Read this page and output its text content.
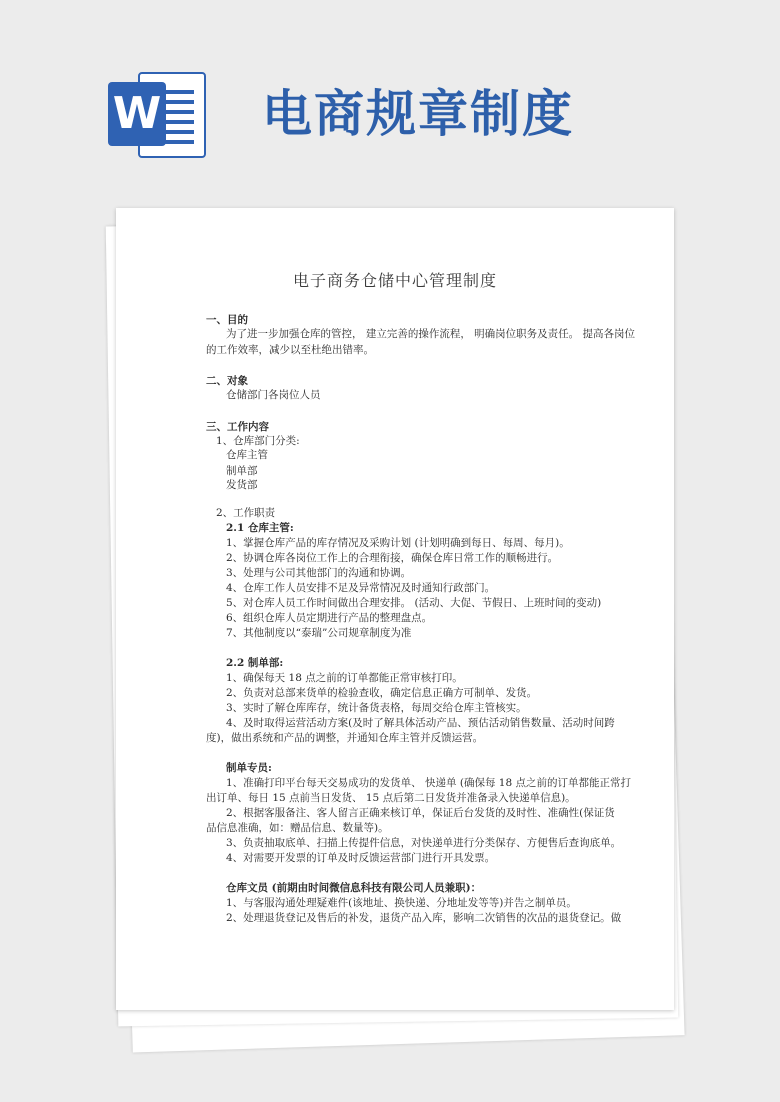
W 电商规章制度
电子商务仓储中心管理制度
一、目的
为了进一步加强仓库的管控， 建立完善的操作流程， 明确岗位职务及责任。 提高各岗位
的工作效率，减少以至杜绝出错率。
二、对象
仓储部门各岗位人员
三、工作内容
1、仓库部门分类:
仓库主管
制单部
发货部
2、工作职责
2.1 仓库主管:
1、掌握仓库产品的库存情况及采购计划 (计划明确到每日、每周、每月)。
2、协调仓库各岗位工作上的合理衔接，确保仓库日常工作的顺畅进行。
3、处理与公司其他部门的沟通和协调。
4、仓库工作人员安排不足及异常情况及时通知行政部门。
5、对仓库人员工作时间做出合理安排。 (活动、大促、节假日、上班时间的变动)
6、组织仓库人员定期进行产品的整理盘点。
7、其他制度以“泰瑞”公司规章制度为准
2.2 制单部:
1、确保每天 18 点之前的订单都能正常审核打印。
2、负责对总部来货单的检验查收，确定信息正确方可制单、发货。
3、实时了解仓库库存，统计备货表格，每周交给仓库主管核实。
4、及时取得运营活动方案(及时了解具体活动产品、预估活动销售数量、活动时间跨
度)，做出系统和产品的调整，并通知仓库主管并反馈运营。
制单专员:
1、准确打印平台每天交易成功的发货单、 快递单 (确保每 18 点之前的订单都能正常打
出订单、每日 15 点前当日发货、 15 点后第二日发货并准备录入快递单信息)。
2、根据客服备注、客人留言正确来核订单，保证后台发货的及时性、准确性(保证货
品信息准确，如：赠品信息、数量等)。
3、负责抽取底单、扫描上传提件信息，对快递单进行分类保存、方便售后查询底单。
4、对需要开发票的订单及时反馈运营部门进行开具发票。
仓库文员 (前期由时间微信息科技有限公司人员兼职)：
1、与客服沟通处理疑难件(该地址、换快递、分地址发等等)并告之制单员。
2、处理退货登记及售后的补发，退货产品入库，影响二次销售的次品的退货登记。做
